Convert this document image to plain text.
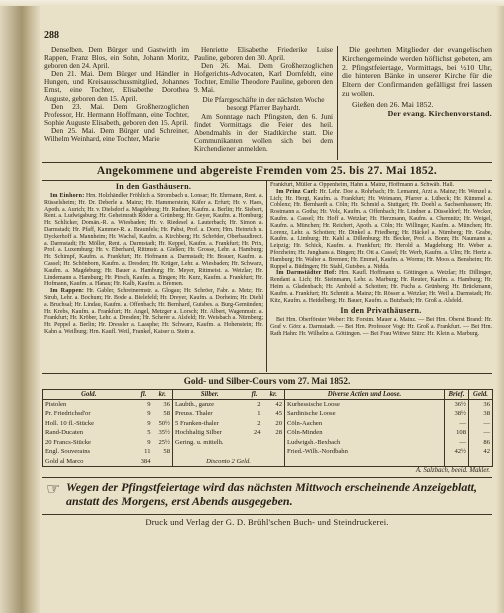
288

Denselben. Dem Bürger und Gastwirth im Rappen, Franz Blos, ein Sohn, Johann Moritz, geboren den 24. April.

Den 21. Mai. Dem Bürger und Händler in Hungen, und Kreisausschussmitglied, Johannes Ernst, eine Tochter, Elisabethe Dorothea Auguste, geboren den 15. April.

Den 23. Mai. Dem Großherzoglichen Professor, Hr. Hermann Hoffmann, eine Tochter, Sophie Auguste Elisabeth, geboren den 15. April.

Den 25. Mai. Dem Bürger und Schreiner, Wilhelm Weinhard, eine Tochter, Marie

Henriette Elisabethe Friederike Luise Pauline, geboren den 30. April.

Den 26. Mai. Dem Großherzoglichen Hofgerichts-Advocaten, Karl Dornfeldt, eine Tochter, Emilie Theodore Pauline, geboren den 9. Mai.

Die Pfarrgeschäfte in der nächsten Woche besorgt Pfarrer Bayhardt.

Am Sonntage nach Pfingsten, den 6. Juni findet Vormittags die Feier des heil. Abendmahls in der Stadtkirche statt. Die Communikanten wollen sich bei dem Kirchendiener anmelden.

Die geehrten Mitglieder der evangelischen Kirchengemeinde werden höflichst gebeten, am 2. Pfingstfeiertage, Vormittags, bei ½10 Uhr, die hinteren Bänke in unserer Kirche für die Eltern der Confirmanden gefälligst frei lassen zu wollen.

Gießen den 26. Mai 1852.

Der evang. Kirchenvorstand.

Angekommene und abgereiste Fremden vom 25. bis 27. Mai 1852.
In den Gasthäusern.

Im Einhorn: Hrn. Holzhändler Fröhlich a. Strombach u. Lonsar; Hr. Ehrmann, Rent. a. Rüsselsheim; Hr. Dr. Deberle a. Mainz; Hr. Hammerstein, Käfer a. Erfurt; Hr. v. Haes, Apoth. a. Aurich; Hr. v. Dielsdorf a. Magdeburg; Hr. Rudner, Kaufm. a. Berlin; Hr. Siebert, Rent. a. Ludwigsburg; Hr. Geheimrath Röder a. Grünberg; Hr. Geyer, Kaufm. a. Homburg; Hr. Schlicker, Domän.-R. a. Wiesbaden; Hr. v. Riedesel a. Lauterbach; Hr. Simon a. Darmstadt; Hr. Pfaff, Kammer-R. a. Braunfels; Hr. Pabst, Prof. a. Dorn; Hrn. Heinrich u. Dyckerhoff a. Mannheim; Hr. Wachsl, Kaufm. a. Kirchberg; Hr. Schröder, Oberbaudirect. a. Darmstadt; Hr. Möller, Rent. a. Darmstadt; Hr. Keppel, Kaufm. a. Frankfurt; Hr. Prix, Prof. a. Luxemburg; Hr. v. Eberhard, Rittmstr. a. Gießen; Hr. Grosse, Lehr. a. Hamburg; Hr. Schimpf, Kaufm. a. Frankfurt; Hr. Hofmann a. Darmstadt; Hr. Brauer, Kaufm. a. Cassel; Hr. Schönborn, Kaufm. a. Dresden; Hr. Krüger, Lehr. a. Wiesbaden; Hr. Schwarz, Kaufm. a. Magdeburg; Hr. Bauer a. Hamburg; Hr. Meyer, Rittmeist. a. Wetzlar; Hr. Lindemann a. Hamburg; Hr. Pirsch, Kaufm. a. Bingen; Hr. Kurz, Kaufm. a. Frankfurt; Hr. Hofmann, Kaufm. a. Hanau; Hr. Kalb, Kaufm. a. Bremen.

Im Rappen: Hr. Gabler, Schreinermstr. a. Glogau; Hr. Schröer, Fabr. a. Metz; Hr. Strub, Lehr. a. Bochum; Hr. Bode a. Bielefeld; Hr. Dreyer, Kaufm. a. Dorheim; Hr. Diehl a. Bruchsal; Hr. Lindau, Kaufm. a. Offenbach; Hr. Bernhard, Gutsbes. a. Burg-Gemünden; Hr. Krebs, Kaufm. a. Frankfurt; Hr. Angel, Metzger a. Lorsch; Hr. Albert, Wagenmstr. a. Frankfurt; Hr. Kröber, Lehr. a. Dresden; Hr. Scherer a. Alsfeld; Hr. Weisbach a. Nürnberg; Hr. Peppel a. Berlin; Hr. Dressler a. Laasphe; Hr. Schwarz, Kaufm. a. Hohenstein; Hr. Kahn a. Weilburg; Hrn. Kaufl. Weil, Frankel, Kaiser u. Stein a.

Frankfurt, Müller a. Oppenheim, Hahn a. Mainz, Hoffmann a. Schwäb. Hall.

Im Prinz Carl: Hr. Lehr. Doe a. Rohrbach; Hr. Lemanni, Arzt a. Mainz; Hr. Wenzel a. Lich; Hr. Hergt, Kaufm. a. Frankfurt; Hr. Weimann, Pfarrer a. Lübeck; Hr. Kümmel a. Coblenz; Hr. Bernhardt a. Cöln; Hr. Schmid a. Stuttgart; Hr. Doehl a. Sachsenhausen; Hr. Rostmann a. Gotha; Hr. Volz, Kaufm. a. Offenbach; Hr. Lindner a. Düsseldorf; Hr. Wecker, Kaufm. a. Cassel; Hr. Hoff a. Wetzlar; Hr. Herzmann, Kaufm. a. Chemnitz; Hr. Weigel, Kaufm. a. München; Hr. Reichert, Apoth. a. Cöln; Hr. Willinger, Kaufm. a. München; Hr. Lorenz, Lehr. a. Schotten; Hr. Dinkel a. Friedberg; Hr. Häckel a. Nürnberg; Hr. Grabe, Kaufm. a. Limburg; Hr. Kahl a. Dillenburg; Hr. Becker, Prof. a. Bonn; Hr. Naumann a. Leipzig; Hr. Schick, Kaufm. a. Frankfurt; Hr. Herold a. Magdeburg; Hr. Weber a. Pforzheim; Hr. Junghans a. Bingen; Hr. Ott a. Cassel; Hr. Werb, Kaufm. a. Ulm; Hr. Hertz a. Hamburg; Hr. Walter a. Bremen; Hr. Emmel, Kaufm. a. Worms; Hr. Moos a. Bensheim; Hr. Ruppel a. Büdingen; Hr. Stahl, Gutsbes. a. Nidda.

Im Darmstädter Hof: Hrn. Kaufl. Hoffmann u. Göttingen a. Wetzlar; Hr. Dillinger, Rendant a. Lich; Hr. Steinmann, Lehr. a. Marburg; Hr. Reuter, Kaufm. a. Hamburg; Hr. Heim a. Gladenbach; Hr. Ambold a. Schotten; Hr. Fuchs a. Grünberg; Hr. Brückmann, Kaufm. a. Frankfurt; Hr. Schmitt a. Mainz; Hr. Rösser a. Wetzlar; Hr. Weil a. Darmstadt; Hr. Kitz, Kaufm. a. Heidelberg; Hr. Bauer, Kaufm. a. Butzbach; Hr. Groß a. Alsfeld.

In den Privathäusern.

Bei Hrn. Oberförster Weber: Hr. Forstm. Mauer a. Mainz. — Bei Hrn. Oberst Brand: Hr. Graf v. Görz a. Darmstadt. — Bei Hrn. Professor Vogt: Hr. Groß a. Frankfurt. — Bei Hrn. Rath Hahn: Hr. Wilhelm a. Göttingen. — Bei Frau Wittwe Stürz: Hr. Klein a. Marburg.

Gold- und Silber-Cours vom 27. Mai 1852.
Gold.	fl.	kr.	Silber.	fl.	kr.	Diverse Actien und Loose.	Brief.	Geld.
Pistolen	9	36	Laubth., ganze	2	42	Kurhessische Loose	36½	36
Pr. Friedrichsd'or	9	58	Preuss. Thaler	1	45	Sardinische Loose	38½	38
Holl. 10 fl.-Stücke	9	50½	5 Franken-thaler	2	20	Cöln-Aachen	—	—
Rand-Ducaten	5	35½	Hochhaltig Silber	24	28	Cöln-Minden	108	—
20 Francs-Stücke	9	25½	Gering. u. mittelh.			Ludwigsh.-Bexbach	—	86
Engl. Souverains	11	58				Fried.-Wilh.-Nordbahn	42½	42
Gold al Marco	384		Disconto 2 Geld.					
A. Salzbach, beeid. Makler.
☞
Wegen der Pfingstfeiertage wird das nächsten Mittwoch erscheinende Anzeigeblatt, anstatt des Morgens, erst Abends ausgegeben.
Druck und Verlag der G. D. Brühl'schen Buch- und Steindruckerei.
